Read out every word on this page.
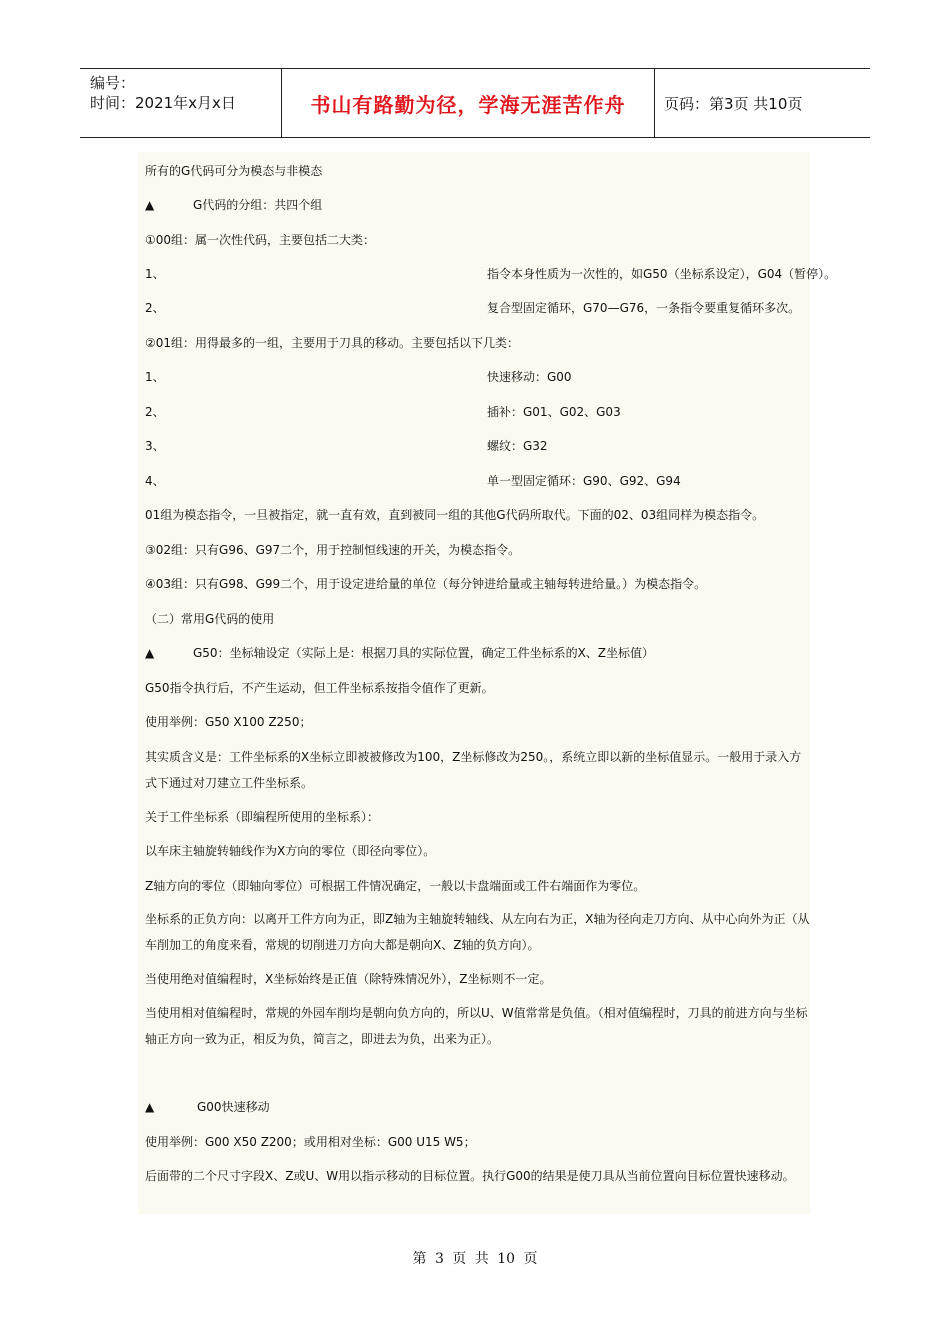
编号：
时间：2021年x月x日	书山有路勤为径，学海无涯苦作舟	页码：第3页 共10页
所有的G代码可分为模态与非模态
▲	G代码的分组：共四个组
①00组：属一次性代码，主要包括二大类：
1、	指令本身性质为一次性的，如G50（坐标系设定），G04（暂停）。
2、	复合型固定循环，G70—G76，一条指令要重复循环多次。
②01组：用得最多的一组，主要用于刀具的移动。主要包括以下几类：
1、	快速移动：G00
2、	插补：G01、G02、G03
3、	螺纹：G32
4、	单一型固定循环：G90、G92、G94
01组为模态指令，一旦被指定，就一直有效，直到被同一组的其他G代码所取代。下面的02、03组同样为模态指令。
③02组：只有G96、G97二个，用于控制恒线速的开关，为模态指令。
④03组：只有G98、G99二个，用于设定进给量的单位（每分钟进给量或主轴每转进给量。）为模态指令。
（二）常用G代码的使用
▲	G50：坐标轴设定（实际上是：根据刀具的实际位置，确定工件坐标系的X、Z坐标值）
G50指令执行后，不产生运动，但工件坐标系按指令值作了更新。
使用举例：G50 X100 Z250；
其实质含义是：工件坐标系的X坐标立即被被修改为100，Z坐标修改为250。，系统立即以新的坐标值显示。一般用于录入方式下通过对刀建立工件坐标系。
关于工件坐标系（即编程所使用的坐标系）：
以车床主轴旋转轴线作为X方向的零位（即径向零位）。
Z轴方向的零位（即轴向零位）可根据工件情况确定，一般以卡盘端面或工件右端面作为零位。
坐标系的正负方向：以离开工件方向为正，即Z轴为主轴旋转轴线、从左向右为正，X轴为径向走刀方向、从中心向外为正（从车削加工的角度来看，常规的切削进刀方向大都是朝向X、Z轴的负方向）。
当使用绝对值编程时，X坐标始终是正值（除特殊情况外），Z坐标则不一定。
当使用相对值编程时，常规的外园车削均是朝向负方向的，所以U、W值常常是负值。（相对值编程时，刀具的前进方向与坐标轴正方向一致为正，相反为负，简言之，即进去为负，出来为正）。
▲	G00快速移动
使用举例：G00 X50 Z200；或用相对坐标：G00 U15 W5；
后面带的二个尺寸字段X、Z或U、W用以指示移动的目标位置。执行G00的结果是使刀具从当前位置向目标位置快速移动。
第 3 页 共 10 页
